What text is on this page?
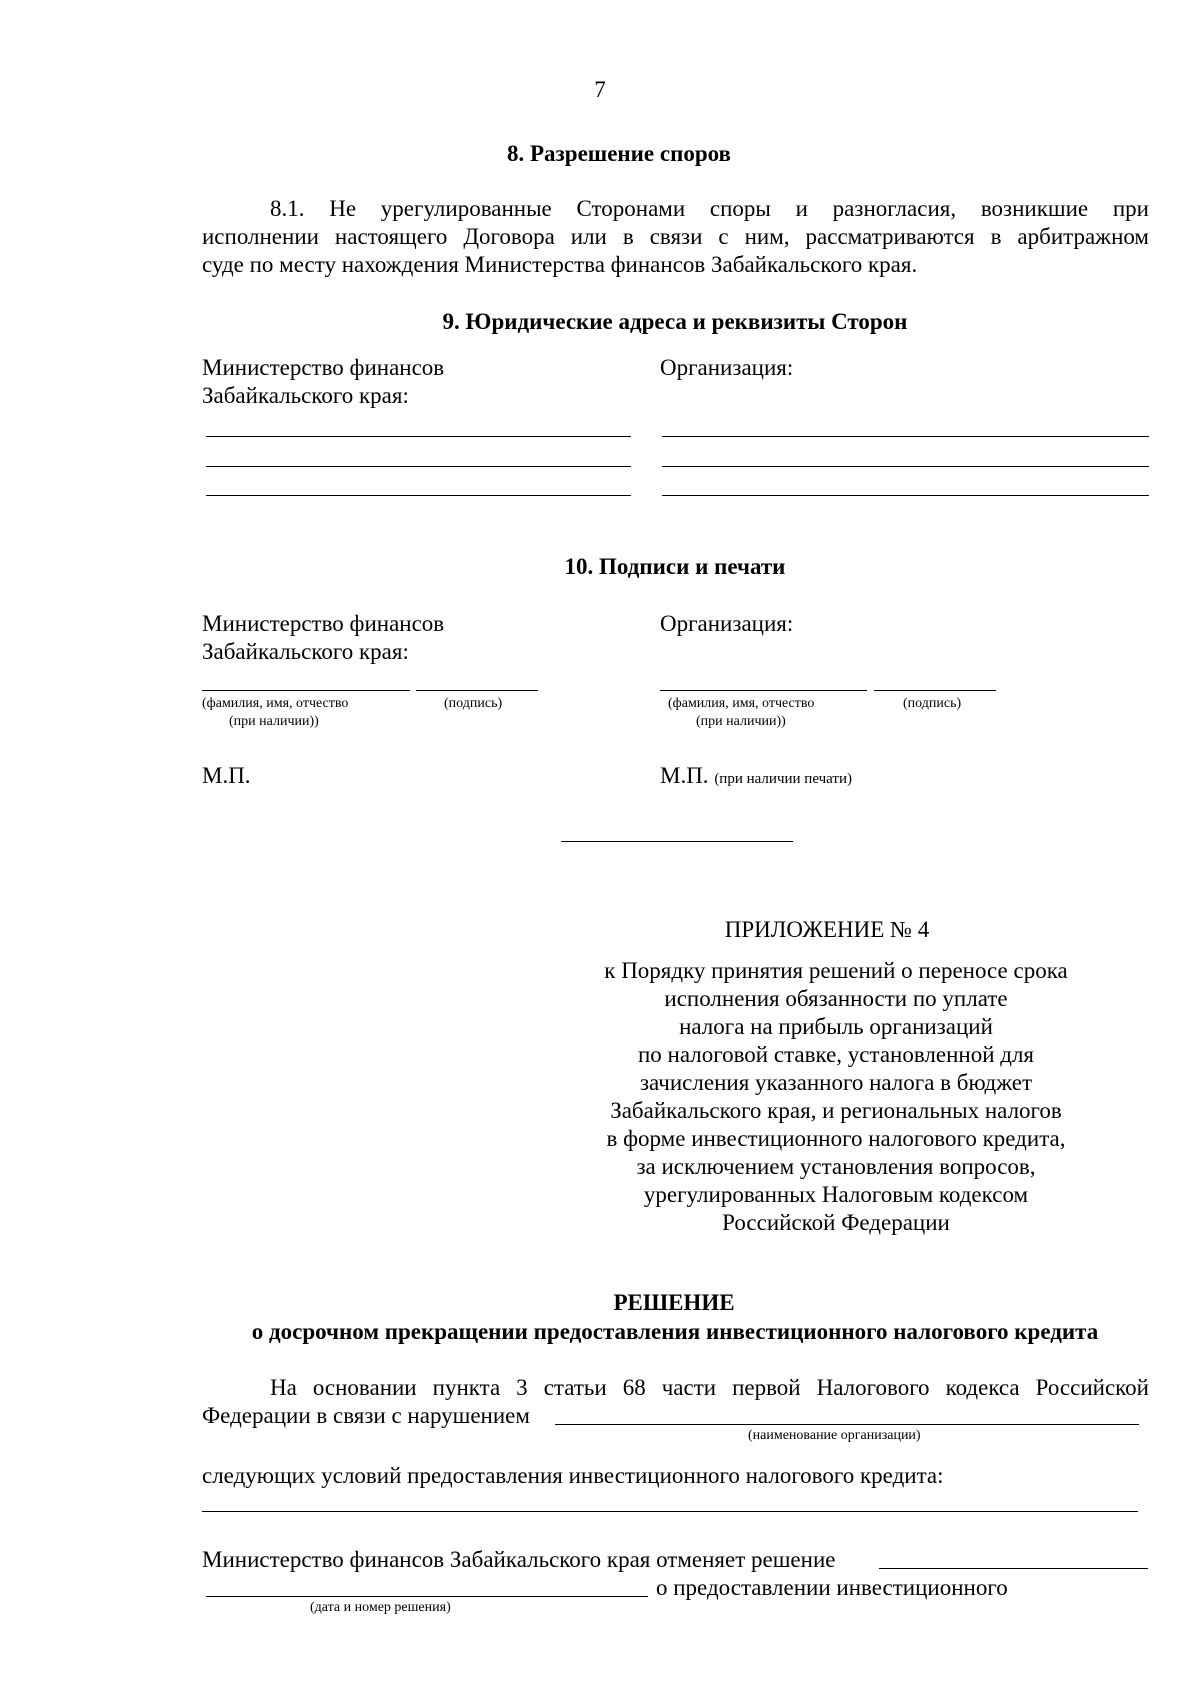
7
8. Разрешение споров
8.1. Не урегулированные Сторонами споры и разногласия, возникшие при
исполнении настоящего Договора или в связи с ним, рассматриваются в арбитражном
суде по месту нахождения Министерства финансов Забайкальского края.
9. Юридические адреса и реквизиты Сторон
Министерство финансов
Забайкальского края:
Организация:
10. Подписи и печати
Министерство финансов
Забайкальского края:
Организация:
(фамилия, имя, отчество
(при наличии))
(подпись)	(фамилия, имя, отчество
(при наличии))
(подпись)
М.П.	М.П. (при наличии печати)
ПРИЛОЖЕНИЕ № 4
к Порядку принятия решений о переносе срока
исполнения обязанности по уплате
налога на прибыль организаций
по налоговой ставке, установленной для
зачисления указанного налога в бюджет
Забайкальского края, и региональных налогов
в форме инвестиционного налогового кредита,
за исключением установления вопросов,
урегулированных Налоговым кодексом
Российской Федерации
РЕШЕНИЕ
о досрочном прекращении предоставления инвестиционного налогового кредита
На основании пункта 3 статьи 68 части первой Налогового кодекса Российской
Федерации в связи с нарушением
(наименование организации)
следующих условий предоставления инвестиционного налогового кредита:
Министерство финансов Забайкальского края отменяет решение
о предоставлении инвестиционного
(дата и номер решения)
